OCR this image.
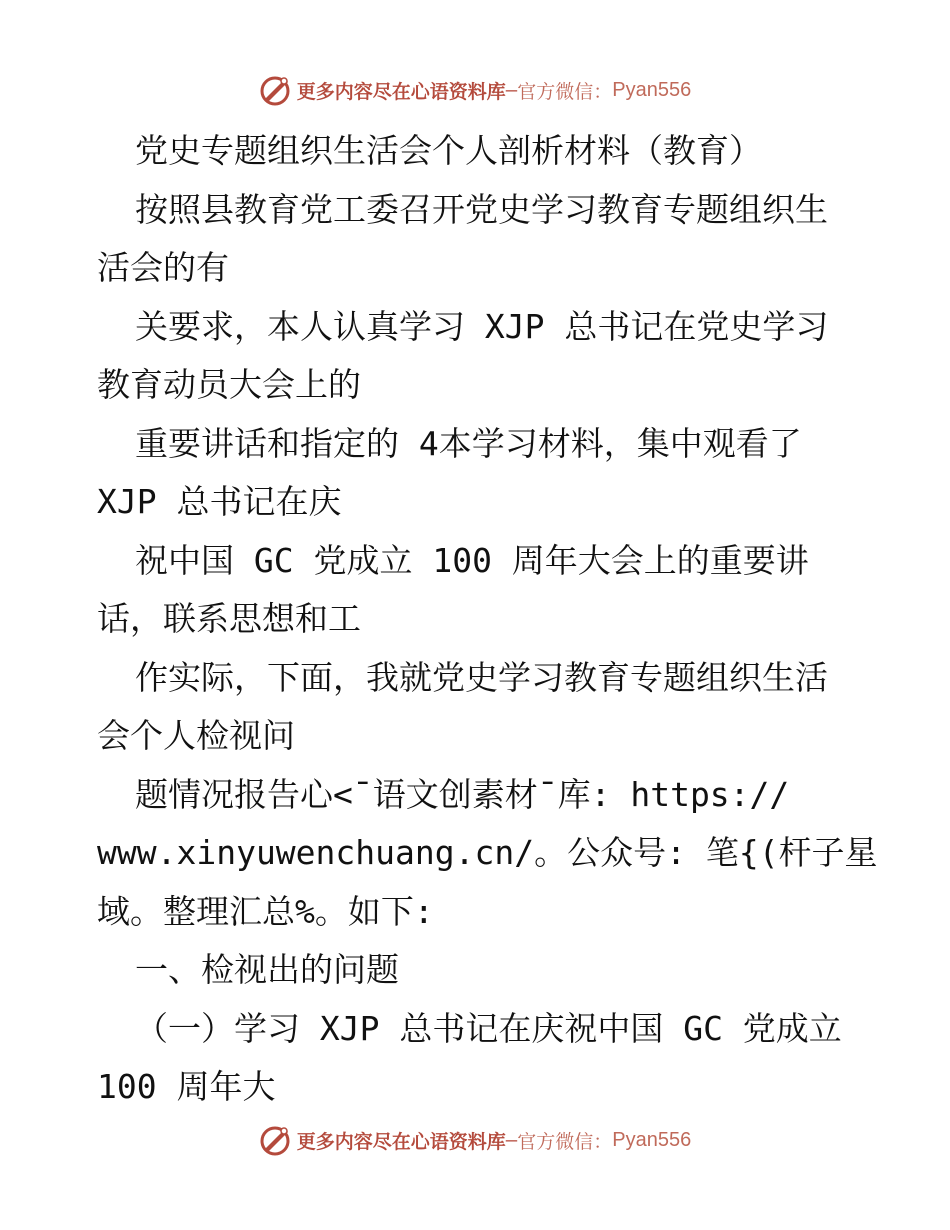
更多内容尽在心语资料库 — 官方微信： Pyan556
党史专题组织生活会个人剖析材料（教育）
按照县教育党工委召开党史学习教育专题组织生
活会的有
关要求，本人认真学习 XJP 总书记在党史学习
教育动员大会上的
重要讲话和指定的 4本学习材料，集中观看了
XJP 总书记在庆
祝中国 GC 党成立 100 周年大会上的重要讲
话，联系思想和工
作实际，下面，我就党史学习教育专题组织生活
会个人检视问
题情况报告心<¯语文创素材¯库: https://
www.xinyuwenchuang.cn/。公众号: 笔{(杆子星
域。整理汇总%。如下:
一、检视出的问题
（一）学习 XJP 总书记在庆祝中国 GC 党成立
100 周年大
更多内容尽在心语资料库 — 官方微信： Pyan556
